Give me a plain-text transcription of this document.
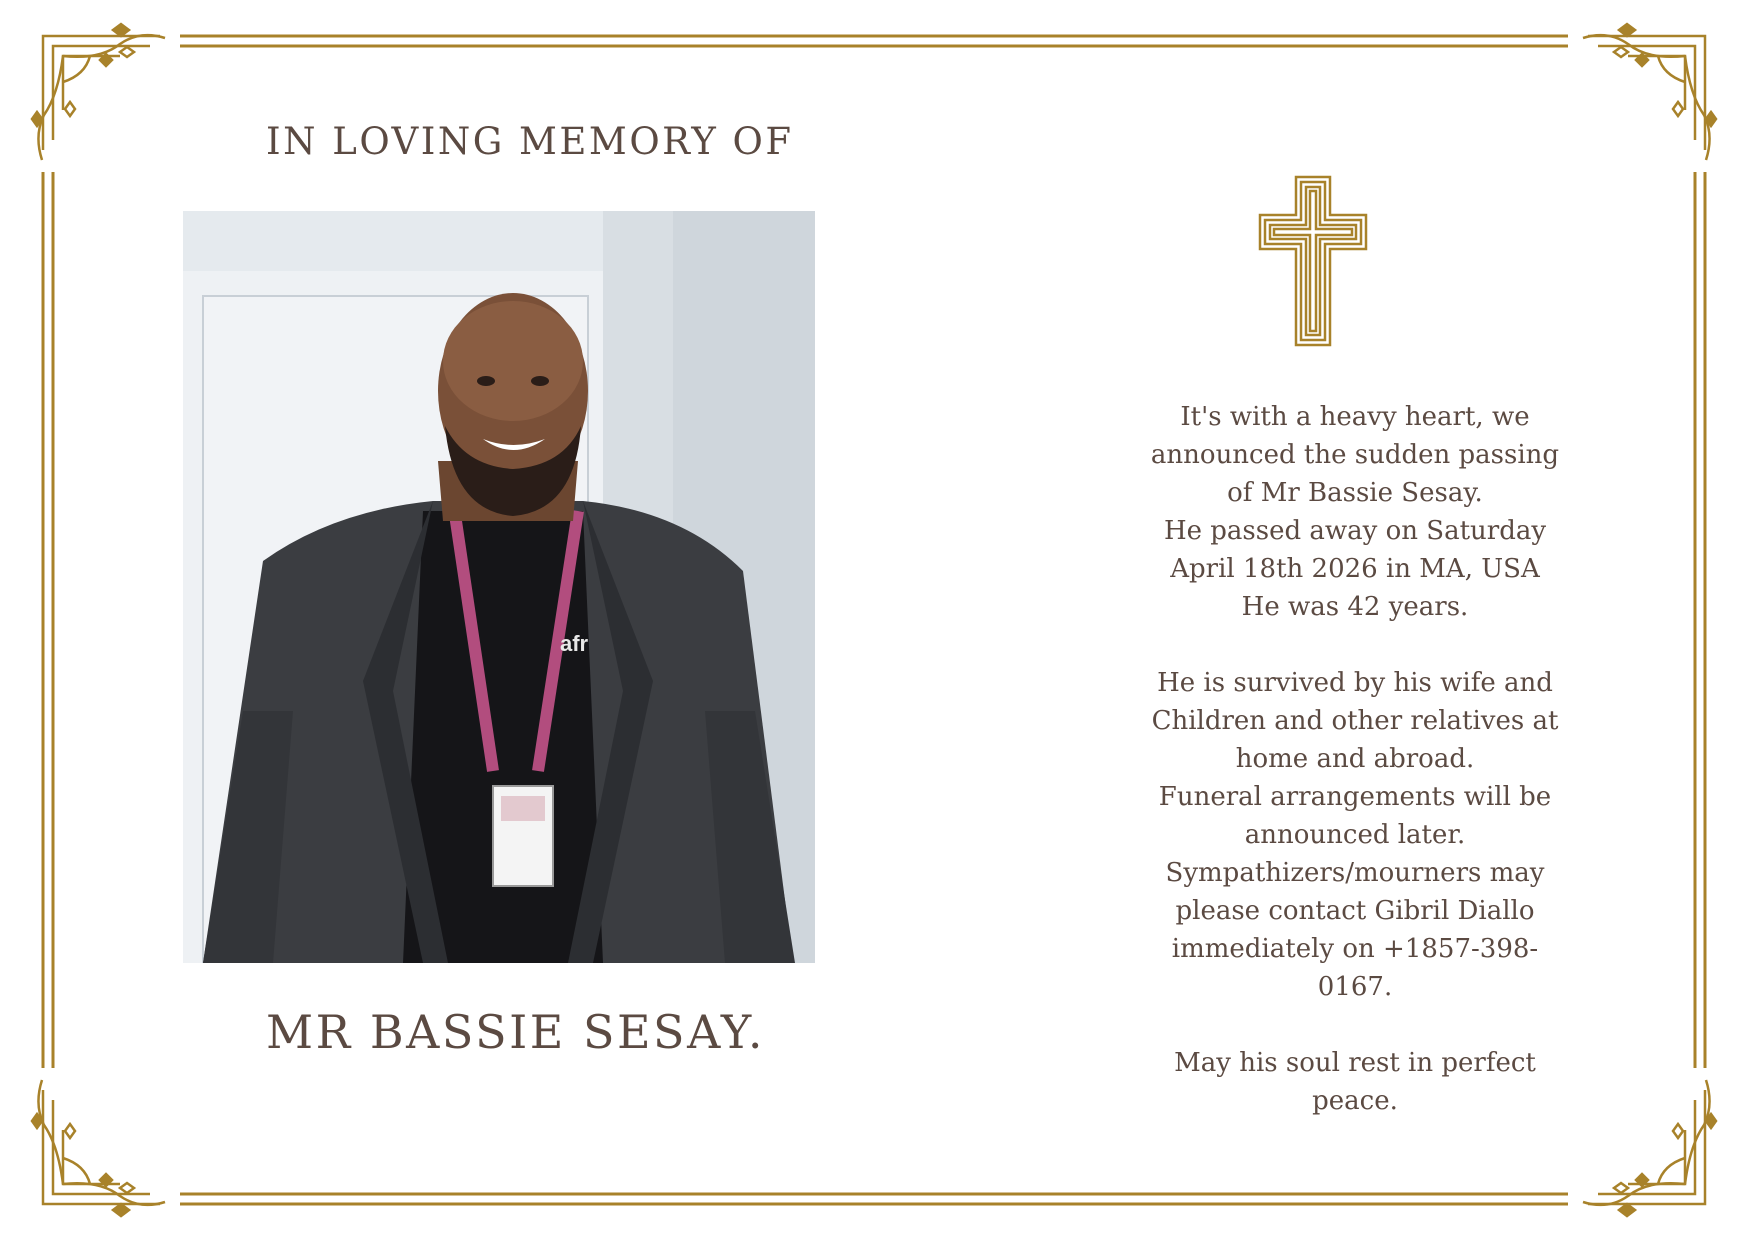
IN LOVING MEMORY OF
afr
MR BASSIE SESAY.

It's with a heavy heart, we

announced the sudden passing

of Mr Bassie Sesay.

He passed away on Saturday

April 18th 2026 in MA, USA

He was 42 years.

He is survived by his wife and

Children and other relatives at

home and abroad.

Funeral arrangements will be

announced later.

Sympathizers/mourners may

please contact Gibril Diallo

immediately on +1857-398-

0167.

May his soul rest in perfect

peace.
